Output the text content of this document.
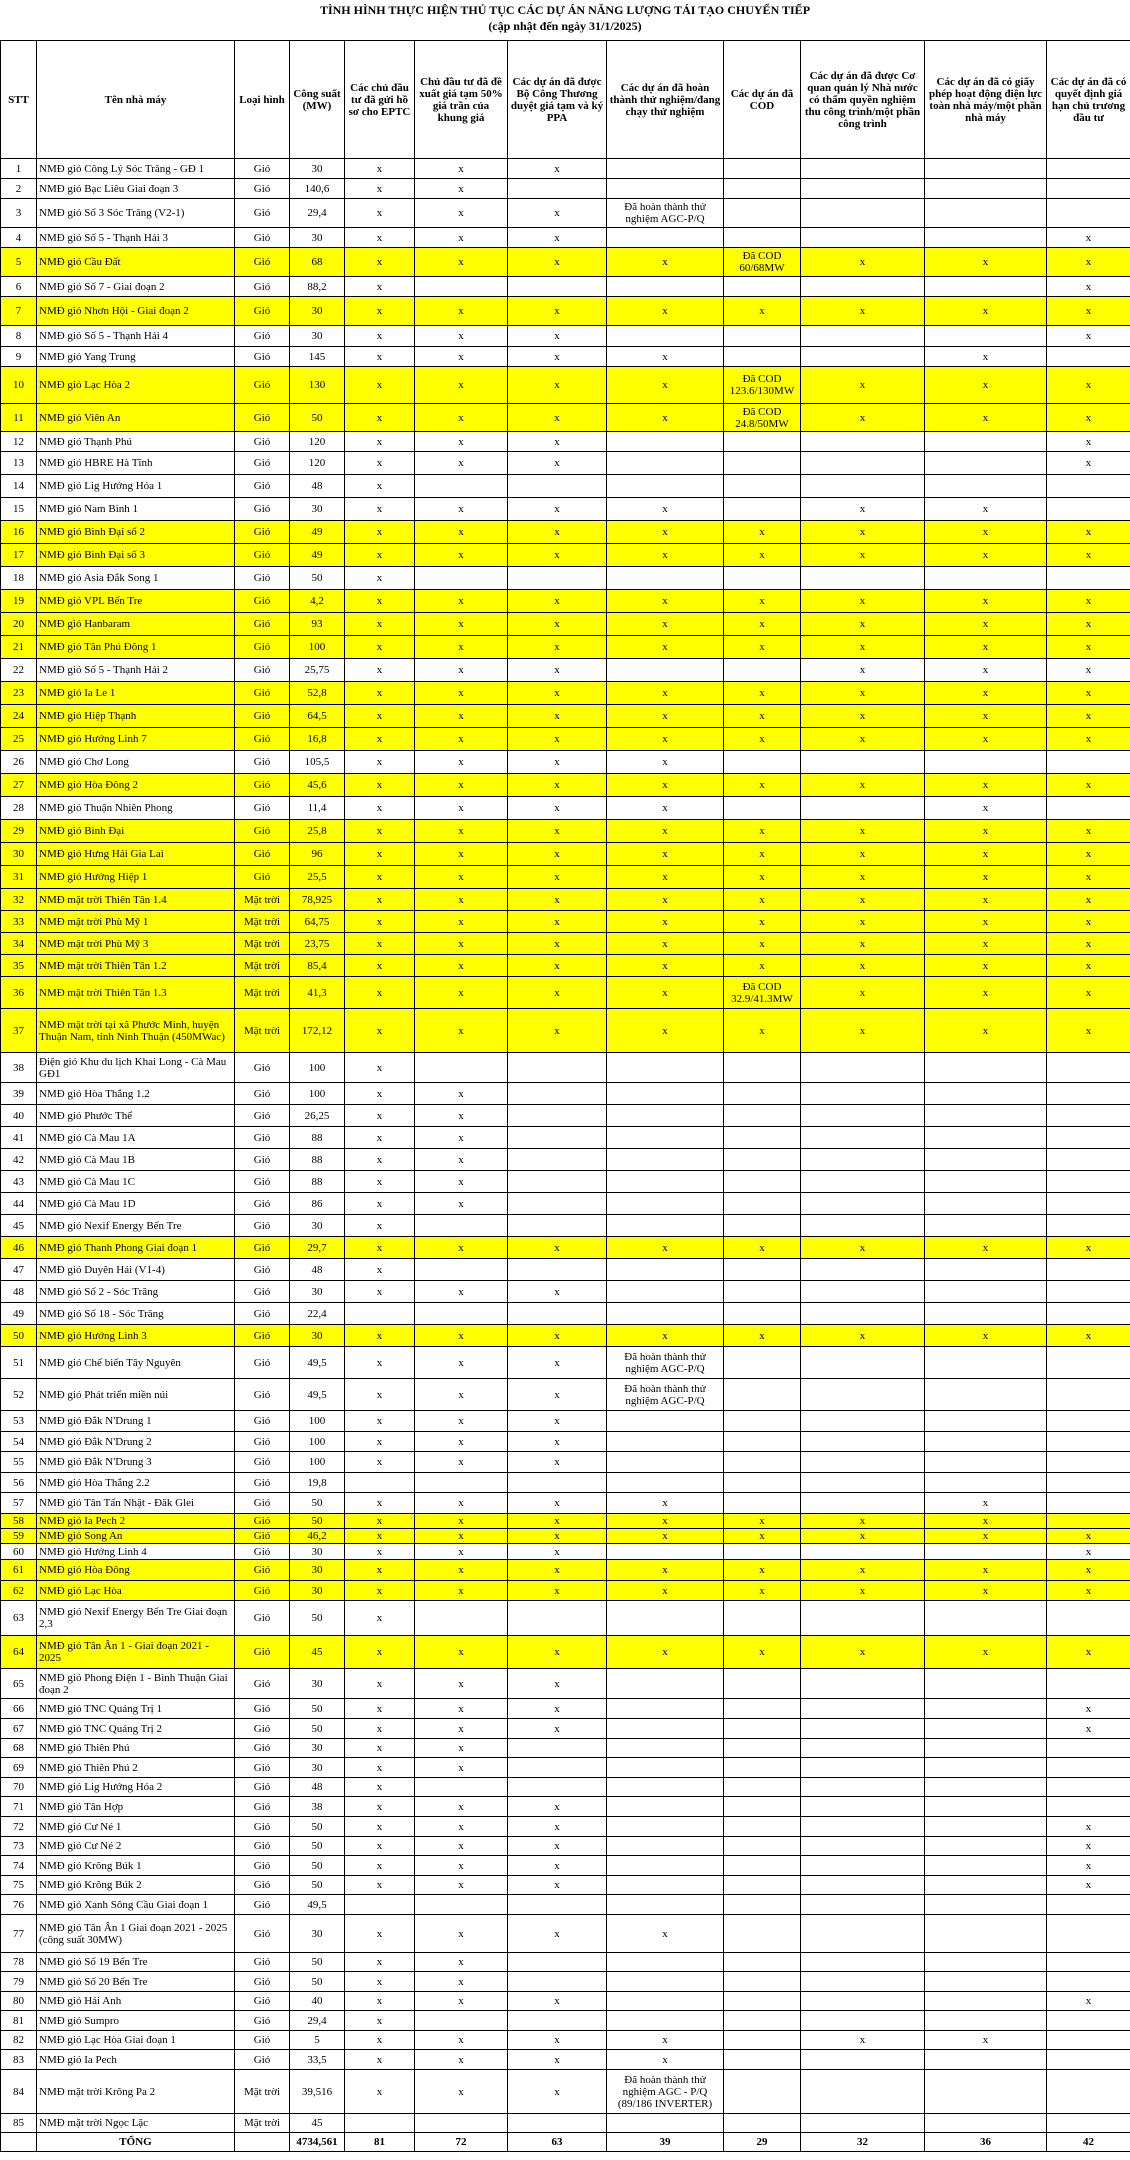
TÌNH HÌNH THỰC HIỆN THỦ TỤC CÁC DỰ ÁN NĂNG LƯỢNG TÁI TẠO CHUYỂN TIẾP
(cập nhật đến ngày 31/1/2025)
STT	Tên nhà máy	Loại hình	Công suất (MW)	Các chủ đầu tư đã gửi hồ sơ cho EPTC	Chủ đầu tư đã đề xuất giá tạm 50% giá trần của khung giá	Các dự án đã được Bộ Công Thương duyệt giá tạm và ký PPA	Các dự án đã hoàn thành thử nghiệm/đang chạy thử nghiệm	Các dự án đã COD	Các dự án đã được Cơ quan quản lý Nhà nước có thẩm quyền nghiệm thu công trình/một phần công trình	Các dự án đã có giấy phép hoạt động điện lực toàn nhà máy/một phần nhà máy	Các dự án đã có quyết định giá hạn chủ trương đầu tư
1	NMĐ gió Công Lý Sóc Trăng - GĐ 1	Gió	30	x	x	x					
2	NMĐ gió Bạc Liêu Giai đoạn 3	Gió	140,6	x	x						
3	NMĐ gió Số 3 Sóc Trăng (V2-1)	Gió	29,4	x	x	x	Đã hoàn thành thử nghiệm AGC-P/Q				
4	NMĐ gió Số 5 - Thạnh Hải 3	Gió	30	x	x	x					x
5	NMĐ gió Cầu Đất	Gió	68	x	x	x	x	Đã COD 60/68MW	x	x	x
6	NMĐ gió Số 7 - Giai đoạn 2	Gió	88,2	x							x
7	NMĐ gió Nhơn Hội - Giai đoạn 2	Gió	30	x	x	x	x	x	x	x	x
8	NMĐ gió Số 5 - Thạnh Hải 4	Gió	30	x	x	x					x
9	NMĐ gió Yang Trung	Gió	145	x	x	x	x			x	
10	NMĐ gió Lạc Hòa 2	Gió	130	x	x	x	x	Đã COD 123.6/130MW	x	x	x
11	NMĐ gió Viên An	Gió	50	x	x	x	x	Đã COD 24.8/50MW	x	x	x
12	NMĐ gió Thạnh Phú	Gió	120	x	x	x					x
13	NMĐ gió HBRE Hà Tĩnh	Gió	120	x	x	x					x
14	NMĐ gió Lig Hướng Hóa 1	Gió	48	x							
15	NMĐ gió Nam Bình 1	Gió	30	x	x	x	x		x	x	
16	NMĐ gió Bình Đại số 2	Gió	49	x	x	x	x	x	x	x	x
17	NMĐ gió Bình Đại số 3	Gió	49	x	x	x	x	x	x	x	x
18	NMĐ gió Asia Đắk Song 1	Gió	50	x							
19	NMĐ gió VPL Bến Tre	Gió	4,2	x	x	x	x	x	x	x	x
20	NMĐ gió Hanbaram	Gió	93	x	x	x	x	x	x	x	x
21	NMĐ gió Tân Phú Đông 1	Gió	100	x	x	x	x	x	x	x	x
22	NMĐ gió Số 5 - Thạnh Hải 2	Gió	25,75	x	x	x			x	x	x
23	NMĐ gió Ia Le 1	Gió	52,8	x	x	x	x	x	x	x	x
24	NMĐ gió Hiệp Thạnh	Gió	64,5	x	x	x	x	x	x	x	x
25	NMĐ gió Hướng Linh 7	Gió	16,8	x	x	x	x	x	x	x	x
26	NMĐ gió Chơ Long	Gió	105,5	x	x	x	x				
27	NMĐ gió Hòa Đông 2	Gió	45,6	x	x	x	x	x	x	x	x
28	NMĐ gió Thuận Nhiên Phong	Gió	11,4	x	x	x	x			x	
29	NMĐ gió Bình Đại	Gió	25,8	x	x	x	x	x	x	x	x
30	NMĐ gió Hưng Hải Gia Lai	Gió	96	x	x	x	x	x	x	x	x
31	NMĐ gió Hướng Hiệp 1	Gió	25,5	x	x	x	x	x	x	x	x
32	NMĐ mặt trời Thiên Tân 1.4	Mặt trời	78,925	x	x	x	x	x	x	x	x
33	NMĐ mặt trời Phù Mỹ 1	Mặt trời	64,75	x	x	x	x	x	x	x	x
34	NMĐ mặt trời Phù Mỹ 3	Mặt trời	23,75	x	x	x	x	x	x	x	x
35	NMĐ mặt trời Thiên Tân 1.2	Mặt trời	85,4	x	x	x	x	x	x	x	x
36	NMĐ mặt trời Thiên Tân 1.3	Mặt trời	41,3	x	x	x	x	Đã COD 32.9/41.3MW	x	x	x
37	NMĐ mặt trời tại xã Phước Minh, huyện Thuận Nam, tỉnh Ninh Thuận (450MWac)	Mặt trời	172,12	x	x	x	x	x	x	x	x
38	Điện gió Khu du lịch Khai Long - Cà Mau GĐ1	Gió	100	x							
39	NMĐ gió Hòa Thắng 1.2	Gió	100	x	x						
40	NMĐ gió Phước Thể	Gió	26,25	x	x						
41	NMĐ gió Cà Mau 1A	Gió	88	x	x						
42	NMĐ gió Cà Mau 1B	Gió	88	x	x						
43	NMĐ gió Cà Mau 1C	Gió	88	x	x						
44	NMĐ gió Cà Mau 1D	Gió	86	x	x						
45	NMĐ gió Nexif Energy Bến Tre	Gió	30	x							
46	NMĐ gió Thanh Phong Giai đoạn 1	Gió	29,7	x	x	x	x	x	x	x	x
47	NMĐ gió Duyên Hải (V1-4)	Gió	48	x							
48	NMĐ gió Số 2 - Sóc Trăng	Gió	30	x	x	x					
49	NMĐ gió Số 18 - Sóc Trăng	Gió	22,4								
50	NMĐ gió Hướng Linh 3	Gió	30	x	x	x	x	x	x	x	x
51	NMĐ gió Chế biến Tây Nguyên	Gió	49,5	x	x	x	Đã hoàn thành thử nghiệm AGC-P/Q				
52	NMĐ gió Phát triển miền núi	Gió	49,5	x	x	x	Đã hoàn thành thử nghiệm AGC-P/Q				
53	NMĐ gió Đắk N'Drung 1	Gió	100	x	x	x					
54	NMĐ gió Đắk N'Drung 2	Gió	100	x	x	x					
55	NMĐ gió Đắk N'Drung 3	Gió	100	x	x	x					
56	NMĐ gió Hòa Thắng 2.2	Gió	19,8								
57	NMĐ gió Tân Tấn Nhật - Đăk Glei	Gió	50	x	x	x	x			x	
58	NMĐ gió Ia Pech 2	Gió	50	x	x	x	x	x	x	x	
59	NMĐ gió Song An	Gió	46,2	x	x	x	x	x	x	x	x
60	NMĐ gió Hướng Linh 4	Gió	30	x	x	x					x
61	NMĐ gió Hòa Đông	Gió	30	x	x	x	x	x	x	x	x
62	NMĐ gió Lạc Hòa	Gió	30	x	x	x	x	x	x	x	x
63	NMĐ gió Nexif Energy Bến Tre Giai đoạn 2,3	Gió	50	x							
64	NMĐ gió Tân Ân 1 - Giai đoạn 2021 - 2025	Gió	45	x	x	x	x	x	x	x	x
65	NMĐ gió Phong Điện 1 - Bình Thuận Giai đoạn 2	Gió	30	x	x	x					
66	NMĐ gió TNC Quảng Trị 1	Gió	50	x	x	x					x
67	NMĐ gió TNC Quảng Trị 2	Gió	50	x	x	x					x
68	NMĐ gió Thiên Phú	Gió	30	x	x						
69	NMĐ gió Thiên Phú 2	Gió	30	x	x						
70	NMĐ gió Lig Hướng Hóa 2	Gió	48	x							
71	NMĐ gió Tân Hợp	Gió	38	x	x	x					
72	NMĐ gió Cư Né 1	Gió	50	x	x	x					x
73	NMĐ gió Cư Né 2	Gió	50	x	x	x					x
74	NMĐ gió Krông Búk 1	Gió	50	x	x	x					x
75	NMĐ gió Krông Búk 2	Gió	50	x	x	x					x
76	NMĐ gió Xanh Sông Cầu Giai đoạn 1	Gió	49,5								
77	NMĐ gió Tân Ân 1 Giai đoạn 2021 - 2025 (công suất 30MW)	Gió	30	x	x	x	x				
78	NMĐ gió Số 19 Bến Tre	Gió	50	x	x						
79	NMĐ gió Số 20 Bến Tre	Gió	50	x	x						
80	NMĐ gió Hải Anh	Gió	40	x	x	x					x
81	NMĐ gió Sumpro	Gió	29,4	x							
82	NMĐ gió Lạc Hòa Giai đoạn 1	Gió	5	x	x	x	x		x	x	
83	NMĐ gió Ia Pech	Gió	33,5	x	x	x	x				
84	NMĐ mặt trời Krông Pa 2	Mặt trời	39,516	x	x	x	Đã hoàn thành thử nghiệm AGC - P/Q (89/186 INVERTER)				
85	NMĐ mặt trời Ngọc Lặc	Mặt trời	45								
	TỔNG		4734,561	81	72	63	39	29	32	36	42
